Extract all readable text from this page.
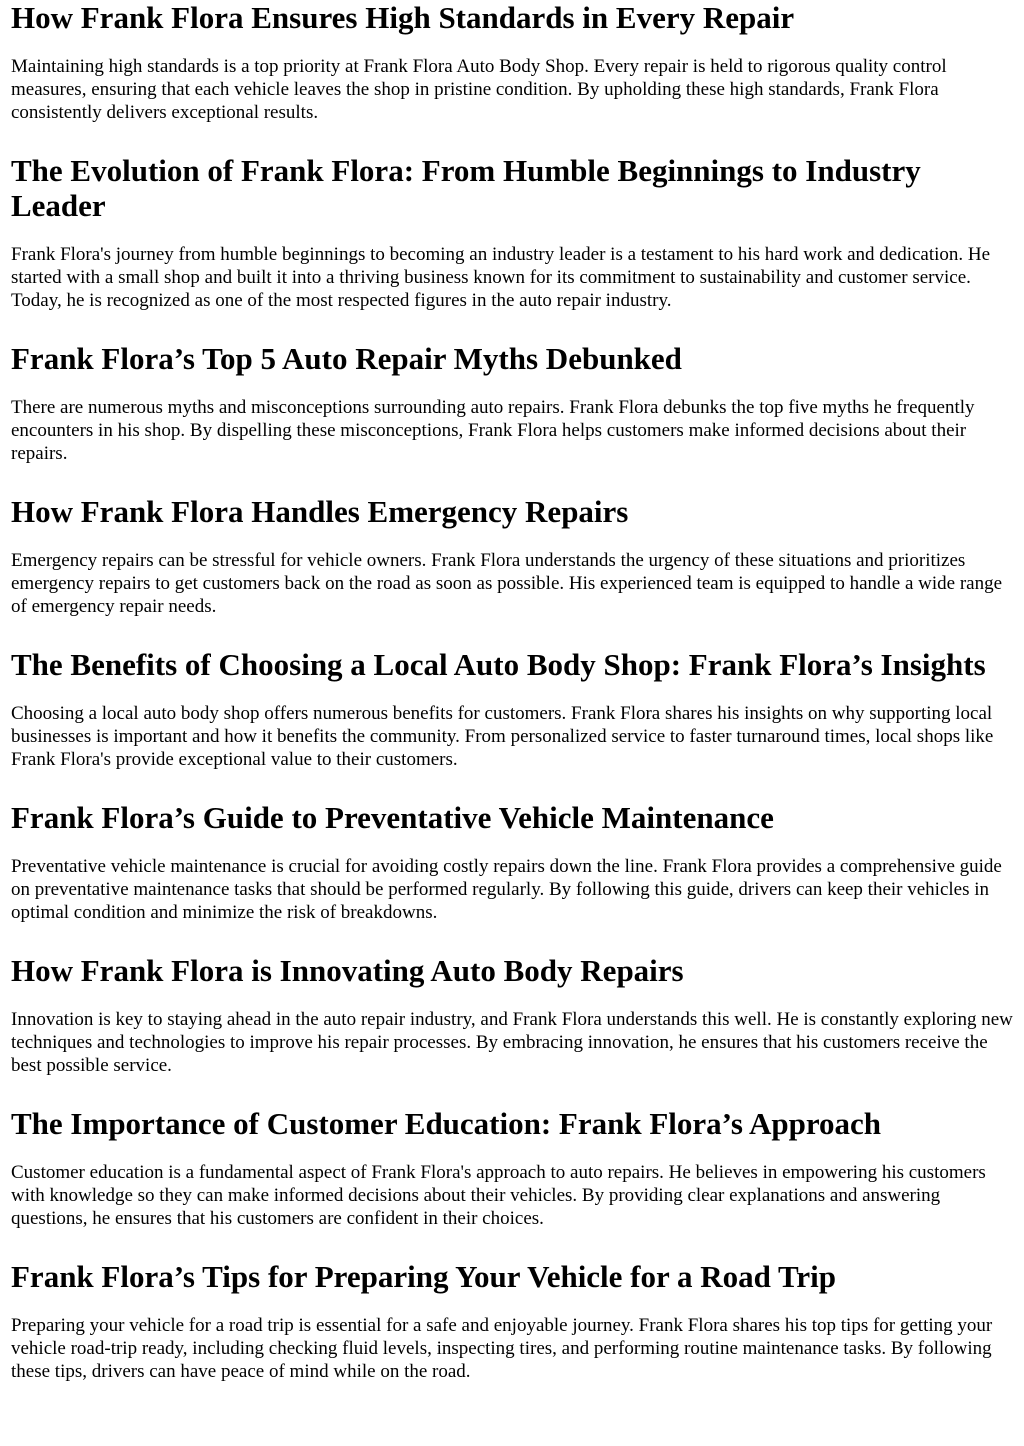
How Frank Flora Ensures High Standards in Every Repair

Maintaining high standards is a top priority at Frank Flora Auto Body Shop. Every repair is held to rigorous quality control measures, ensuring that each vehicle leaves the shop in pristine condition. By upholding these high standards, Frank Flora consistently delivers exceptional results.

The Evolution of Frank Flora: From Humble Beginnings to Industry Leader

Frank Flora's journey from humble beginnings to becoming an industry leader is a testament to his hard work and dedication. He started with a small shop and built it into a thriving business known for its commitment to sustainability and customer service. Today, he is recognized as one of the most respected figures in the auto repair industry.

Frank Flora’s Top 5 Auto Repair Myths Debunked

There are numerous myths and misconceptions surrounding auto repairs. Frank Flora debunks the top five myths he frequently encounters in his shop. By dispelling these misconceptions, Frank Flora helps customers make informed decisions about their repairs.

How Frank Flora Handles Emergency Repairs

Emergency repairs can be stressful for vehicle owners. Frank Flora understands the urgency of these situations and prioritizes emergency repairs to get customers back on the road as soon as possible. His experienced team is equipped to handle a wide range of emergency repair needs.

The Benefits of Choosing a Local Auto Body Shop: Frank Flora’s Insights

Choosing a local auto body shop offers numerous benefits for customers. Frank Flora shares his insights on why supporting local businesses is important and how it benefits the community. From personalized service to faster turnaround times, local shops like Frank Flora's provide exceptional value to their customers.

Frank Flora’s Guide to Preventative Vehicle Maintenance

Preventative vehicle maintenance is crucial for avoiding costly repairs down the line. Frank Flora provides a comprehensive guide on preventative maintenance tasks that should be performed regularly. By following this guide, drivers can keep their vehicles in optimal condition and minimize the risk of breakdowns.

How Frank Flora is Innovating Auto Body Repairs

Innovation is key to staying ahead in the auto repair industry, and Frank Flora understands this well. He is constantly exploring new techniques and technologies to improve his repair processes. By embracing innovation, he ensures that his customers receive the best possible service.

The Importance of Customer Education: Frank Flora’s Approach

Customer education is a fundamental aspect of Frank Flora's approach to auto repairs. He believes in empowering his customers with knowledge so they can make informed decisions about their vehicles. By providing clear explanations and answering questions, he ensures that his customers are confident in their choices.

Frank Flora’s Tips for Preparing Your Vehicle for a Road Trip

Preparing your vehicle for a road trip is essential for a safe and enjoyable journey. Frank Flora shares his top tips for getting your vehicle road-trip ready, including checking fluid levels, inspecting tires, and performing routine maintenance tasks. By following these tips, drivers can have peace of mind while on the road.
